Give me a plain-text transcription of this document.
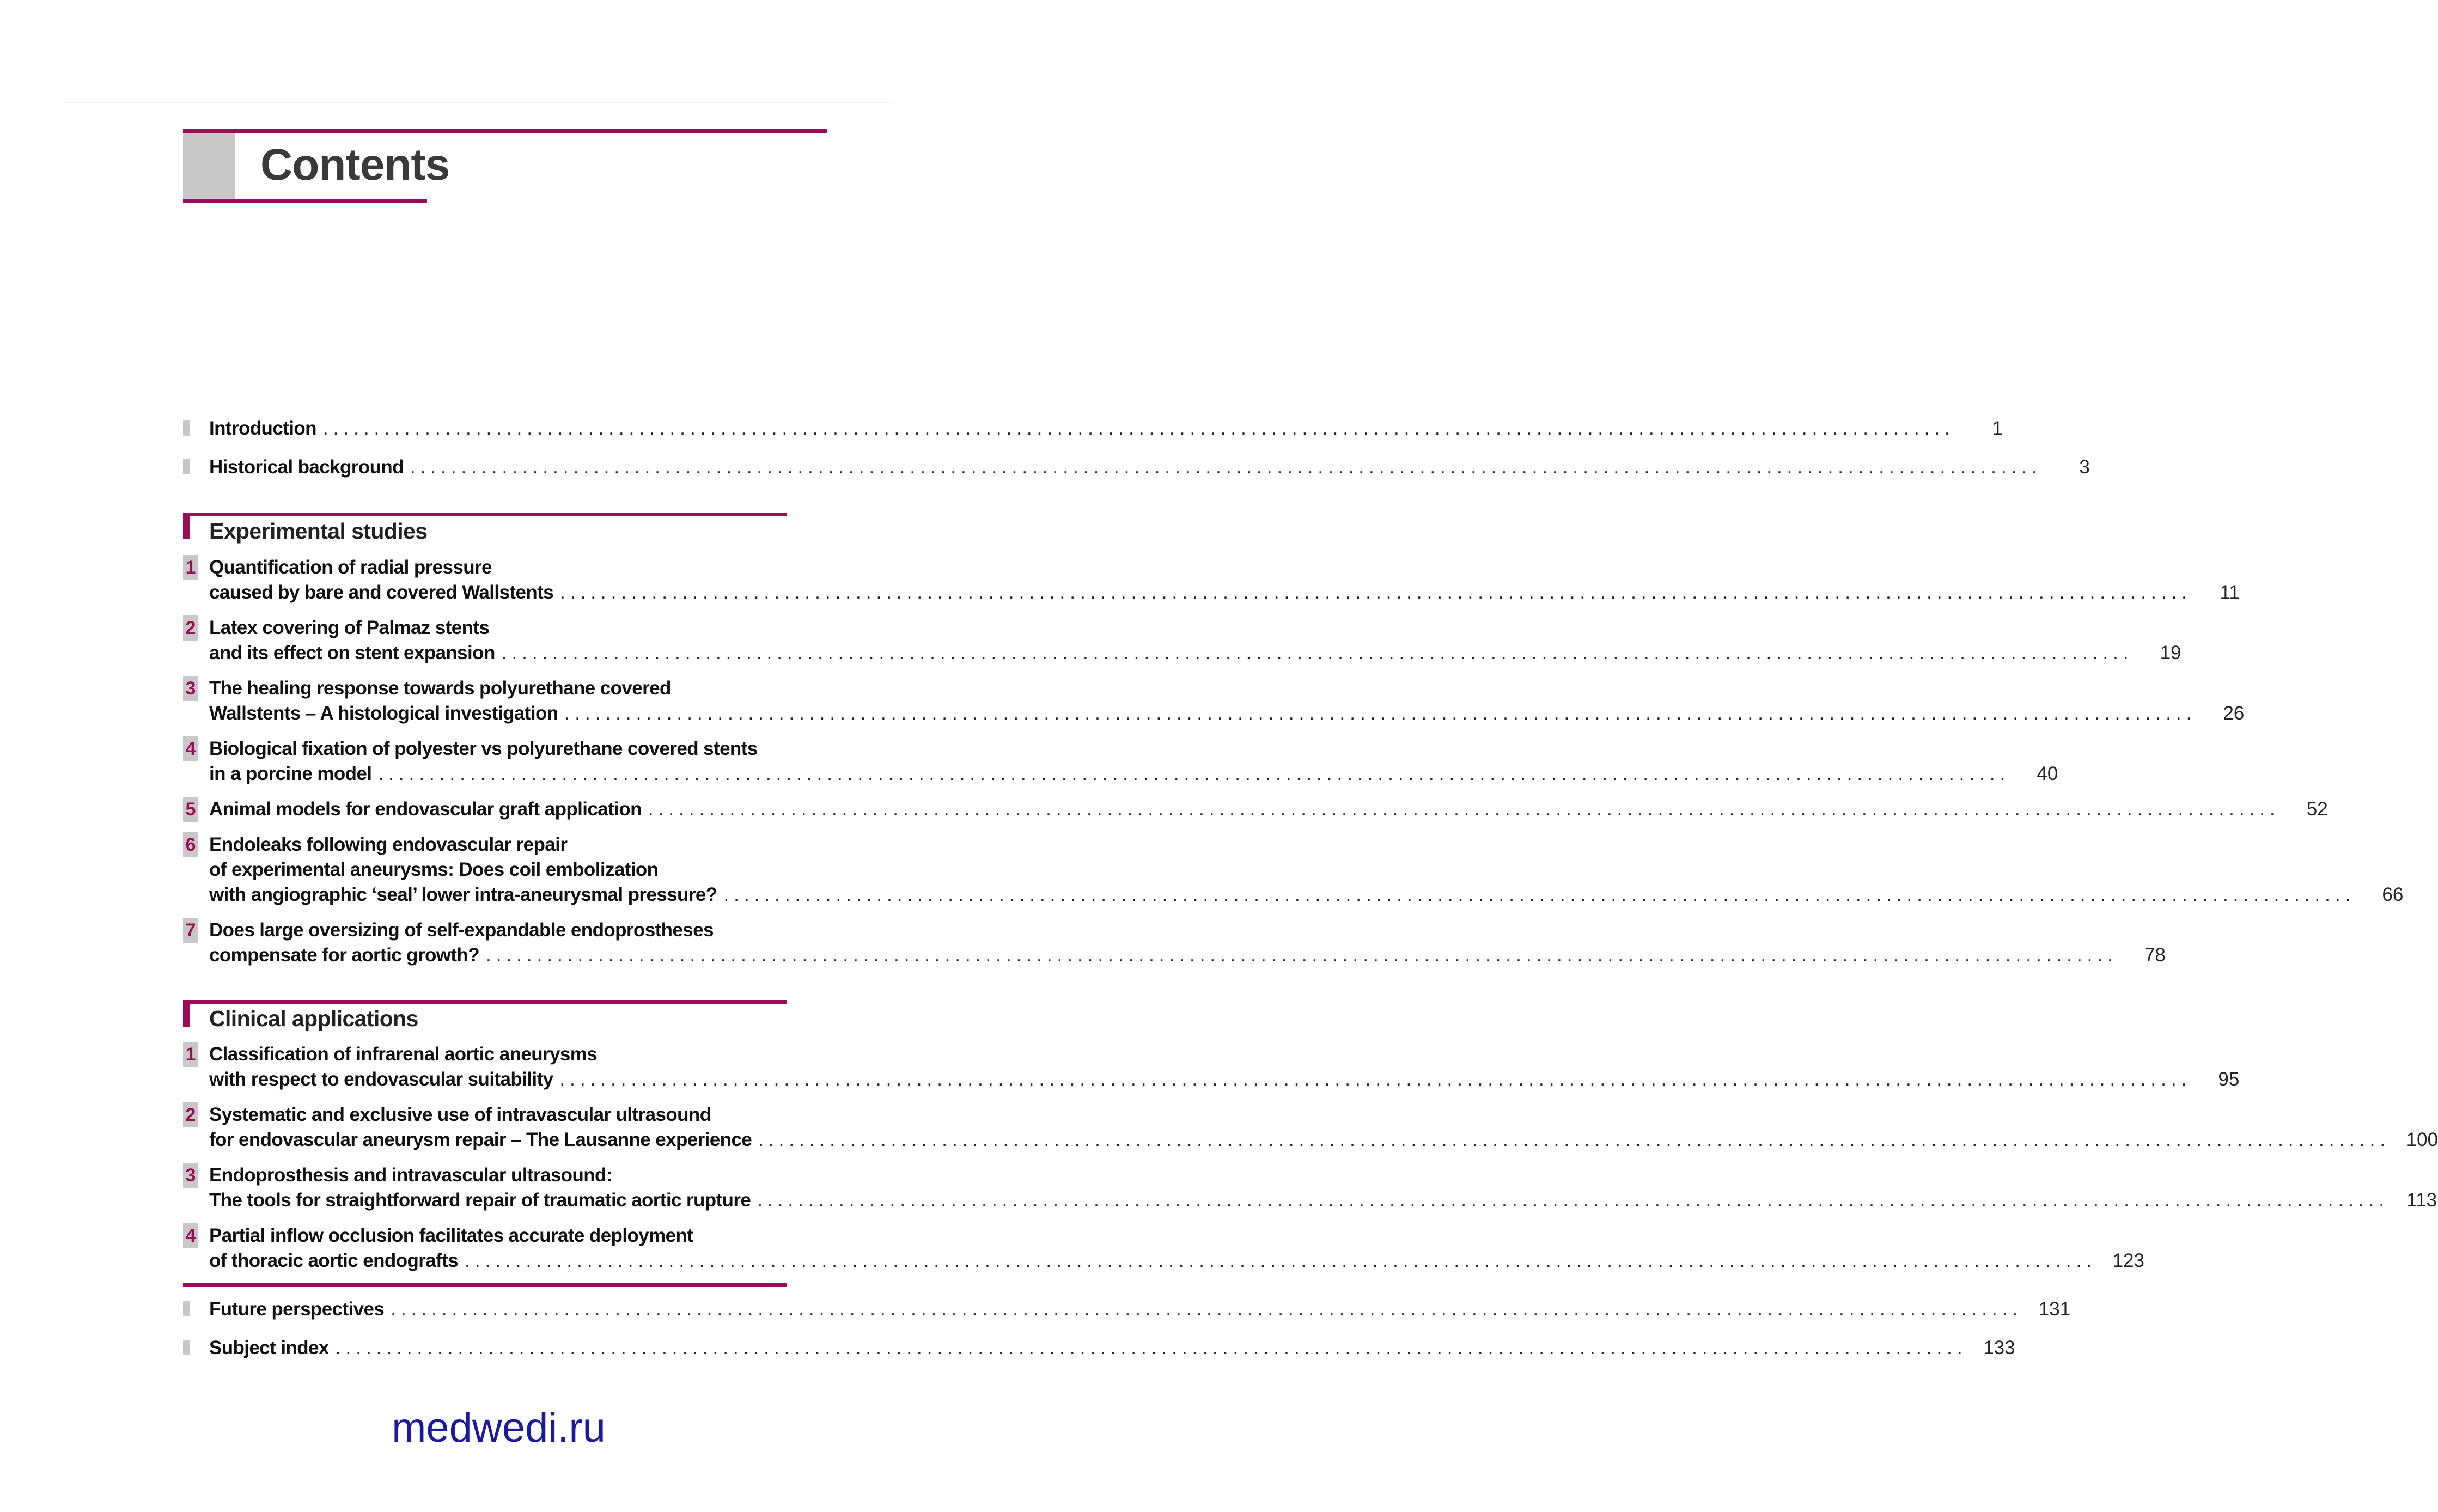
Contents
Introduction ................................................................................................................................................................	1
Historical background ................................................................................................................................................................	3
Experimental studies
1 Quantification of radial pressure
caused by bare and covered Wallstents ................................................................................................................................................................	11
2 Latex covering of Palmaz stents
and its effect on stent expansion ................................................................................................................................................................	19
3 The healing response towards polyurethane covered
Wallstents – A histological investigation ................................................................................................................................................................	26
4 Biological fixation of polyester vs polyurethane covered stents
in a porcine model ................................................................................................................................................................	40
5 Animal models for endovascular graft application ................................................................................................................................................................	52
6 Endoleaks following endovascular repair
of experimental aneurysms: Does coil embolization
with angiographic ‘seal’ lower intra-aneurysmal pressure? ................................................................................................................................................................	66
7 Does large oversizing of self-expandable endoprostheses
compensate for aortic growth? ................................................................................................................................................................	78
Clinical applications
1 Classification of infrarenal aortic aneurysms
with respect to endovascular suitability ................................................................................................................................................................	95
2 Systematic and exclusive use of intravascular ultrasound
for endovascular aneurysm repair – The Lausanne experience ................................................................................................................................................................ 100
3 Endoprosthesis and intravascular ultrasound:
The tools for straightforward repair of traumatic aortic rupture ................................................................................................................................................................ 113
4 Partial inflow occlusion facilitates accurate deployment
of thoracic aortic endografts ................................................................................................................................................................ 123
Future perspectives ................................................................................................................................................................ 131
Subject index ................................................................................................................................................................ 133
medwedi.ru
